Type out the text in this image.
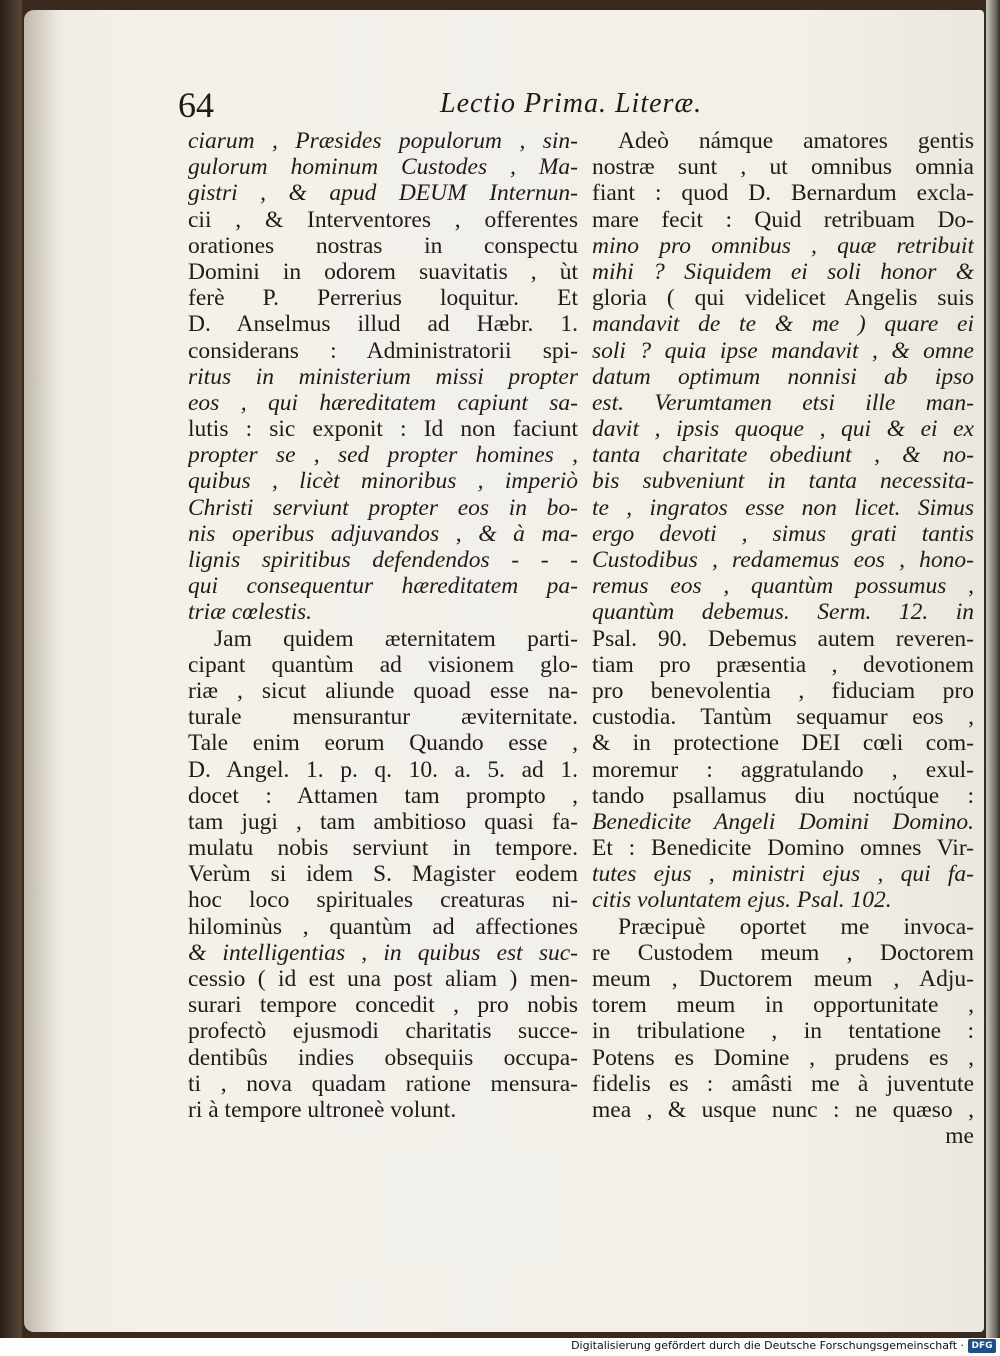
64	Lectio Prima. Literæ.
ciarum , Præsides populorum , sin-
gulorum hominum Custodes , Ma-
gistri , & apud DEUM Internun-
cii , & Interventores , offerentes
orationes nostras in conspectu
Domini in odorem suavitatis , ùt
ferè P. Perrerius loquitur. Et
D. Anselmus illud ad Hæbr. 1.
considerans : Administratorii spi-
ritus in ministerium missi propter
eos , qui hæreditatem capiunt sa-
lutis : sic exponit : Id non faciunt
propter se , sed propter homines ,
quibus , licèt minoribus , imperiò
Christi serviunt propter eos in bo-
nis operibus adjuvandos , & à ma-
lignis spiritibus defendendos - - -
qui consequentur hæreditatem pa-
triæ cœlestis.
Jam quidem æternitatem parti-
cipant quantùm ad visionem glo-
riæ , sicut aliunde quoad esse na-
turale mensurantur æviternitate.
Tale enim eorum Quando esse ,
D. Angel. 1. p. q. 10. a. 5. ad 1.
docet : Attamen tam prompto ,
tam jugi , tam ambitioso quasi fa-
mulatu nobis serviunt in tempore.
Verùm si idem S. Magister eodem
hoc loco spirituales creaturas ni-
hilominùs , quantùm ad affectiones
& intelligentias , in quibus est suc-
cessio ( id est una post aliam ) men-
surari tempore concedit , pro nobis
profectò ejusmodi charitatis succe-
dentibûs indies obsequiis occupa-
ti , nova quadam ratione mensura-
ri à tempore ultroneè volunt.
Adeò námque amatores gentis
nostræ sunt , ut omnibus omnia
fiant : quod D. Bernardum excla-
mare fecit : Quid retribuam Do-
mino pro omnibus , quæ retribuit
mihi ? Siquidem ei soli honor &
gloria ( qui videlicet Angelis suis
mandavit de te & me ) quare ei
soli ? quia ipse mandavit , & omne
datum optimum nonnisi ab ipso
est. Verumtamen etsi ille man-
davit , ipsis quoque , qui & ei ex
tanta charitate obediunt , & no-
bis subveniunt in tanta necessita-
te , ingratos esse non licet. Simus
ergo devoti , simus grati tantis
Custodibus , redamemus eos , hono-
remus eos , quantùm possumus ,
quantùm debemus. Serm. 12. in
Psal. 90. Debemus autem reveren-
tiam pro præsentia , devotionem
pro benevolentia , fiduciam pro
custodia. Tantùm sequamur eos ,
& in protectione DEI cœli com-
moremur : aggratulando , exul-
tando psallamus diu noctúque :
Benedicite Angeli Domini Domino.
Et : Benedicite Domino omnes Vir-
tutes ejus , ministri ejus , qui fa-
citis voluntatem ejus. Psal. 102.
Præcipuè oportet me invoca-
re Custodem meum , Doctorem
meum , Ductorem meum , Adju-
torem meum in opportunitate ,
in tribulatione , in tentatione :
Potens es Domine , prudens es ,
fidelis es : amâsti me à juventute
mea , & usque nunc : ne quæso ,
me
Digitalisierung gefördert durch die Deutsche Forschungsgemeinschaft · DFG
